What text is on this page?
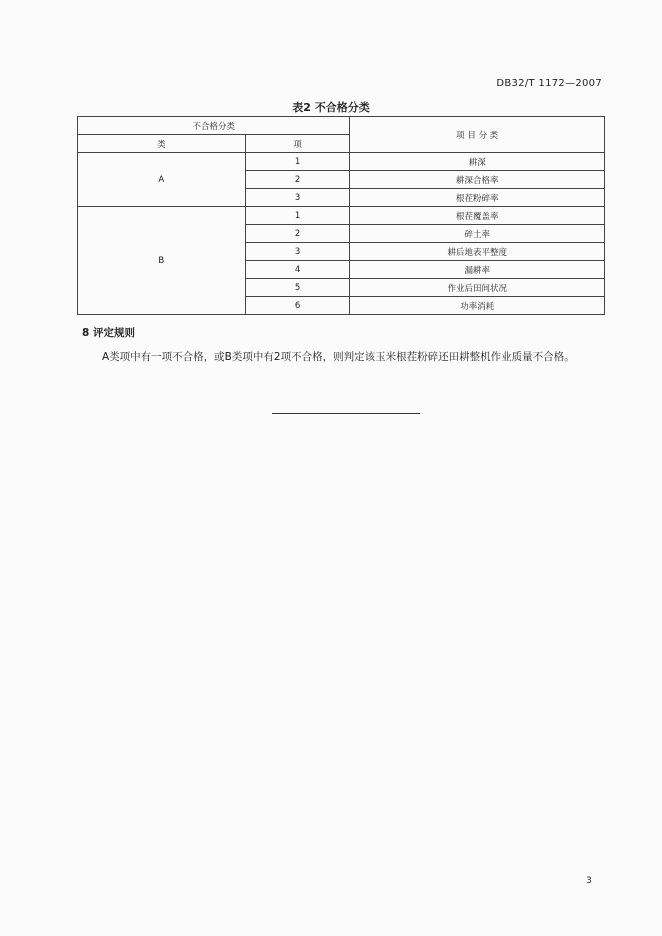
DB32/T 1172—2007
表2 不合格分类
不合格分类		项 目 分 类
类	项	
A	1	耕深
	2	耕深合格率
	3	根茬粉碎率
B	1	根茬覆盖率
	2	碎土率
	3	耕后地表平整度
	4	漏耕率
	5	作业后田间状况
	6	功率消耗
8 评定规则
A类项中有一项不合格，或B类项中有2项不合格，则判定该玉米根茬粉碎还田耕整机作业质量不合格。
3
